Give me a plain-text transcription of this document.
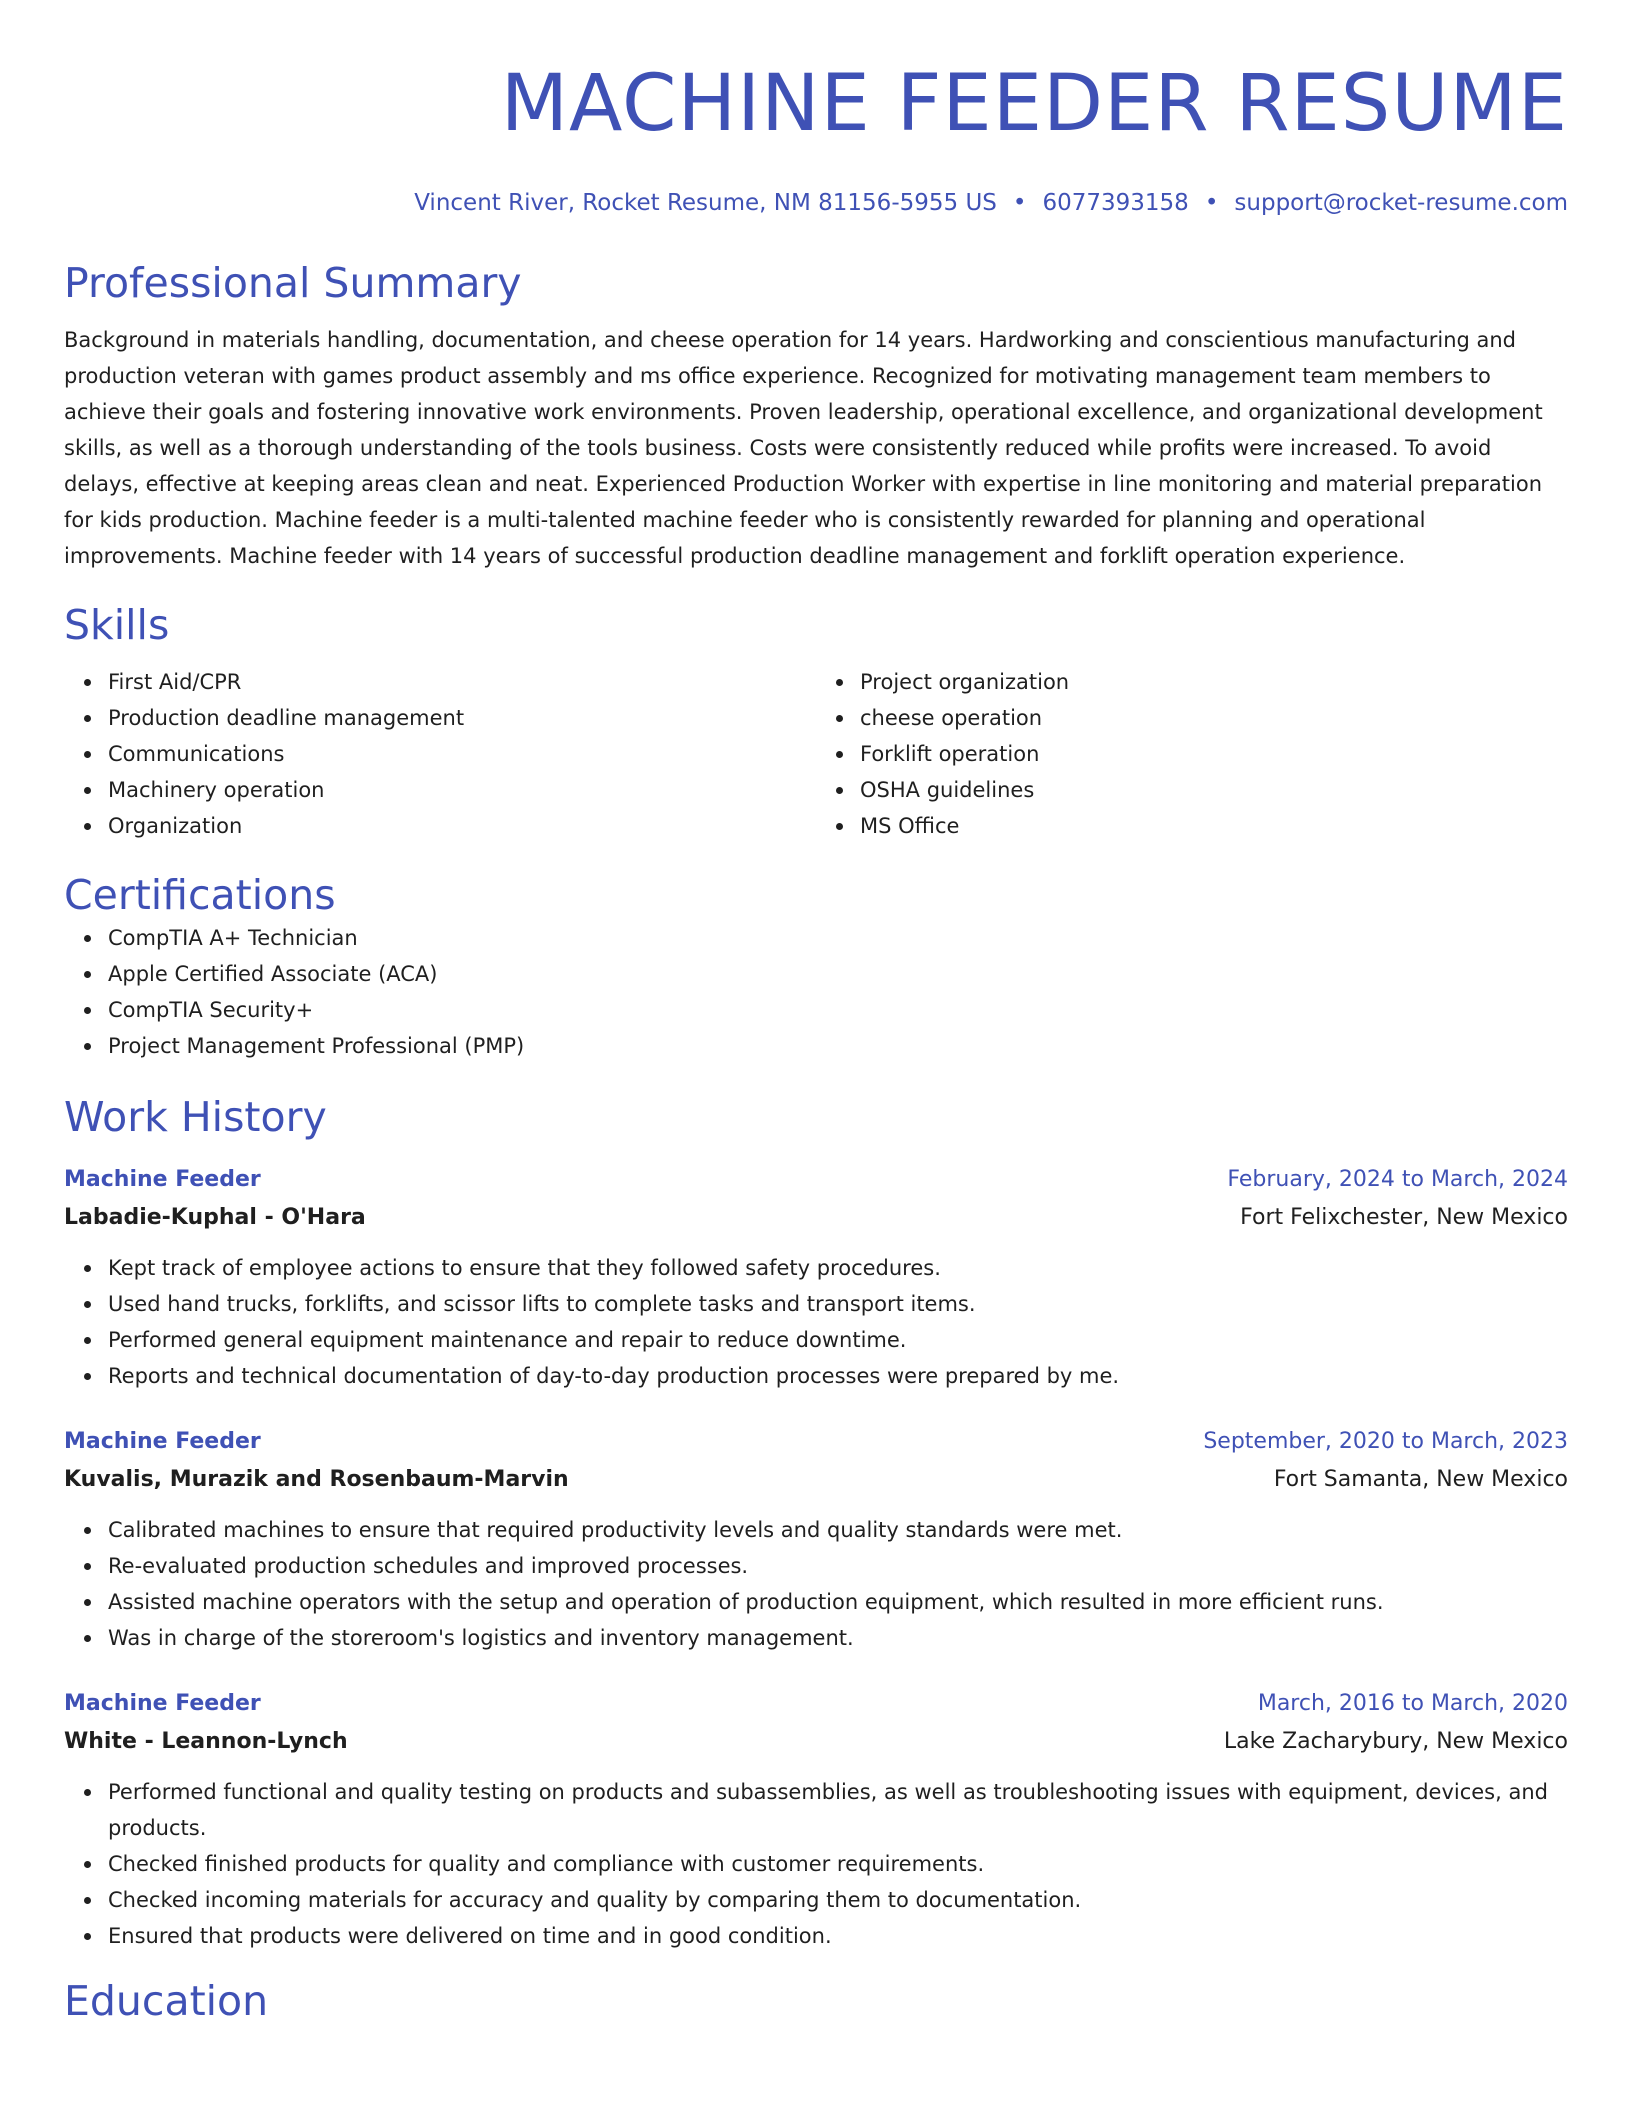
MACHINE FEEDER RESUME
Vincent River, Rocket Resume, NM 81156-5955 US • 6077393158 • support@rocket-resume.com
Professional Summary
Background in materials handling, documentation, and cheese operation for 14 years. Hardworking and conscientious manufacturing and production veteran with games product assembly and ms office experience. Recognized for motivating management team members to achieve their goals and fostering innovative work environments. Proven leadership, operational excellence, and organizational development skills, as well as a thorough understanding of the tools business. Costs were consistently reduced while profits were increased. To avoid delays, effective at keeping areas clean and neat. Experienced Production Worker with expertise in line monitoring and material preparation for kids production. Machine feeder is a multi-talented machine feeder who is consistently rewarded for planning and operational improvements. Machine feeder with 14 years of successful production deadline management and forklift operation experience.
Skills
First Aid/CPR
Production deadline management
Communications
Machinery operation
Organization
Project organization
cheese operation
Forklift operation
OSHA guidelines
MS Office
Certifications
CompTIA A+ Technician
Apple Certified Associate (ACA)
CompTIA Security+
Project Management Professional (PMP)
Work History
Machine Feeder	February, 2024 to March, 2024
Labadie-Kuphal - O'Hara	Fort Felixchester, New Mexico
Kept track of employee actions to ensure that they followed safety procedures.
Used hand trucks, forklifts, and scissor lifts to complete tasks and transport items.
Performed general equipment maintenance and repair to reduce downtime.
Reports and technical documentation of day-to-day production processes were prepared by me.
Machine Feeder	September, 2020 to March, 2023
Kuvalis, Murazik and Rosenbaum-Marvin	Fort Samanta, New Mexico
Calibrated machines to ensure that required productivity levels and quality standards were met.
Re-evaluated production schedules and improved processes.
Assisted machine operators with the setup and operation of production equipment, which resulted in more efficient runs.
Was in charge of the storeroom's logistics and inventory management.
Machine Feeder	March, 2016 to March, 2020
White - Leannon-Lynch	Lake Zacharybury, New Mexico
Performed functional and quality testing on products and subassemblies, as well as troubleshooting issues with equipment, devices, and products.
Checked finished products for quality and compliance with customer requirements.
Checked incoming materials for accuracy and quality by comparing them to documentation.
Ensured that products were delivered on time and in good condition.
Education
